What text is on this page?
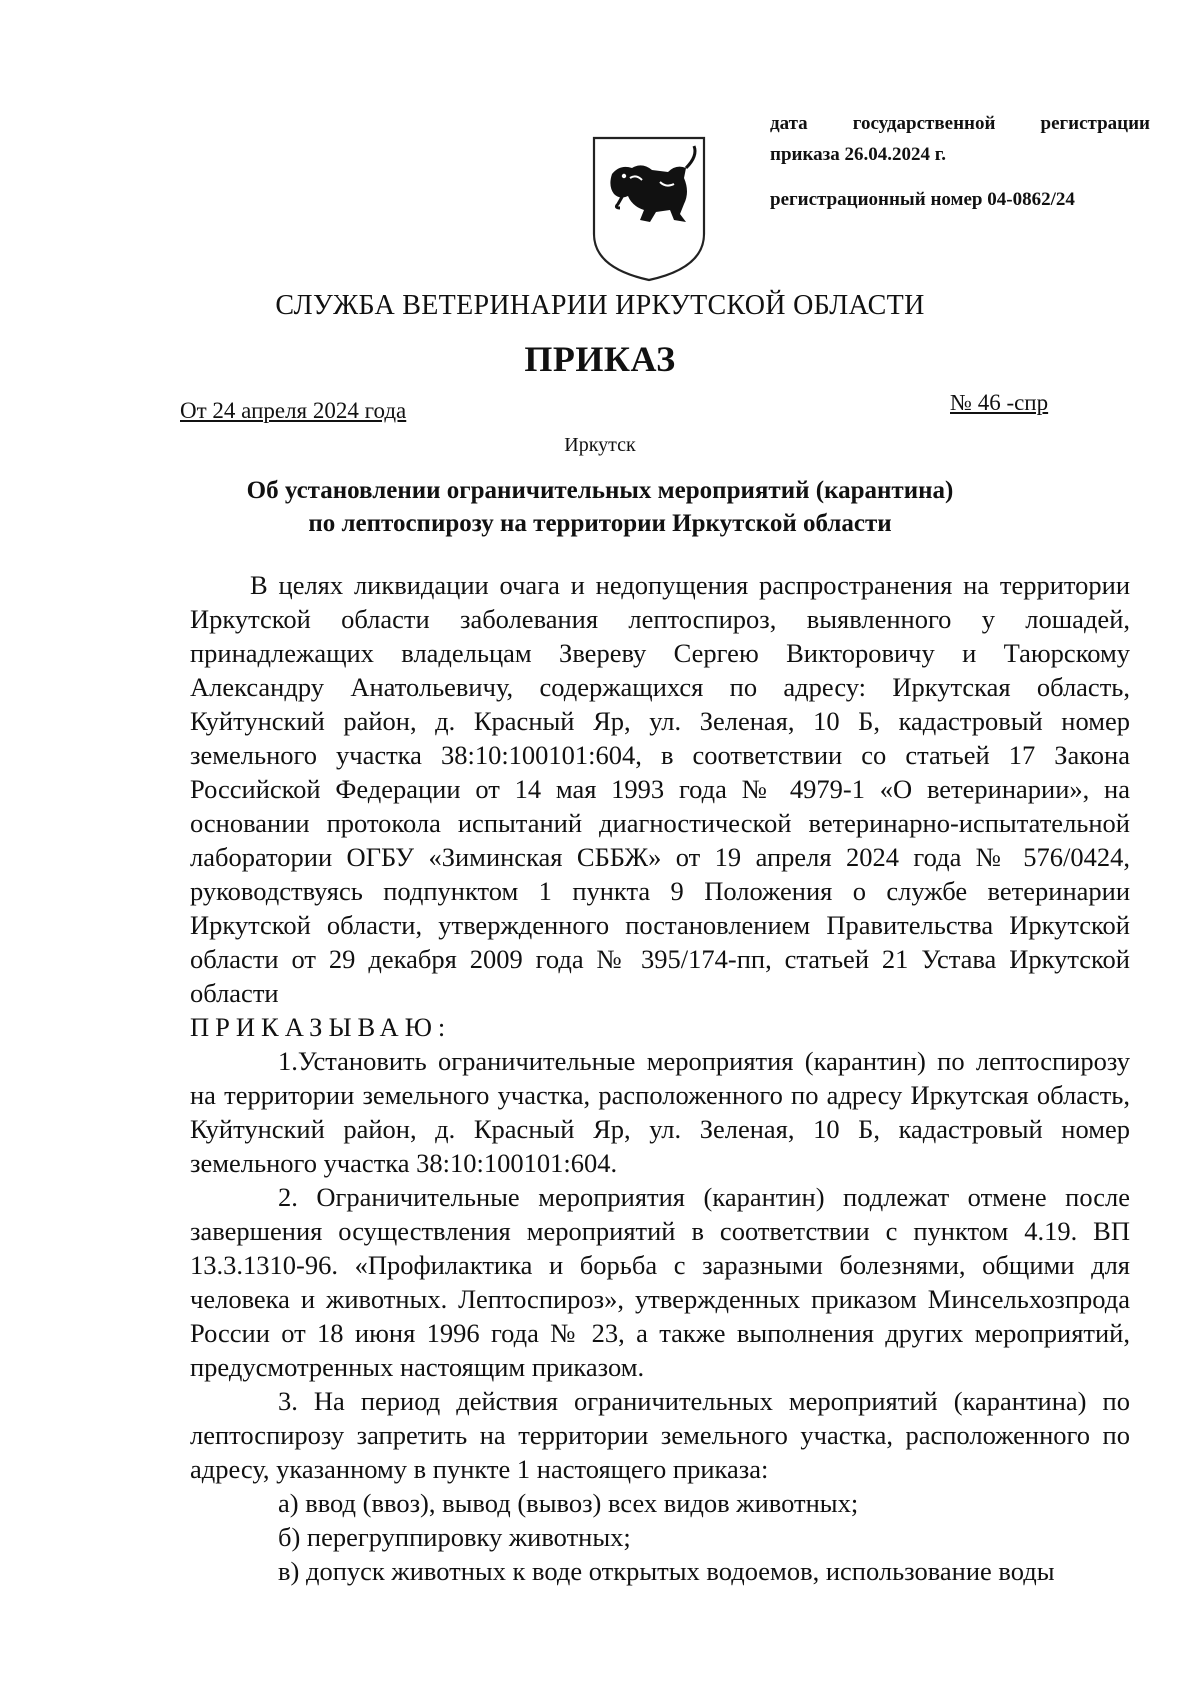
дата государственной регистрации
приказа 26.04.2024 г.
регистрационный номер 04-0862/24
СЛУЖБА ВЕТЕРИНАРИИ ИРКУТСКОЙ ОБЛАСТИ
ПРИКАЗ
От 24 апреля 2024 года	№ 46 -спр
Иркутск
Об установлении ограничительных мероприятий (карантина)
по лептоспирозу на территории Иркутской области

В целях ликвидации очага и недопущения распространения на территории Иркутской области заболевания лептоспироз, выявленного у лошадей, принадлежащих владельцам Звереву Сергею Викторовичу и Таюрскому Александру Анатольевичу, содержащихся по адресу: Иркутская область, Куйтунский район, д. Красный Яр, ул. Зеленая, 10 Б, кадастровый номер земельного участка 38:10:100101:604, в соответствии со статьей 17 Закона Российской Федерации от 14 мая 1993 года № 4979-1 «О ветеринарии», на основании протокола испытаний диагностической ветеринарно-испытательной лаборатории ОГБУ «Зиминская СББЖ» от 19 апреля 2024 года № 576/0424, руководствуясь подпунктом 1 пункта 9 Положения о службе ветеринарии Иркутской области, утвержденного постановлением Правительства Иркутской области от 29 декабря 2009 года № 395/174-пп, статьей 21 Устава Иркутской области

ПРИКАЗЫВАЮ:

1.Установить ограничительные мероприятия (карантин) по лептоспирозу на территории земельного участка, расположенного по адресу Иркутская область, Куйтунский район, д. Красный Яр, ул. Зеленая, 10 Б, кадастровый номер земельного участка 38:10:100101:604.

2. Ограничительные мероприятия (карантин) подлежат отмене после завершения осуществления мероприятий в соответствии с пунктом 4.19. ВП 13.3.1310-96. «Профилактика и борьба с заразными болезнями, общими для человека и животных. Лептоспироз», утвержденных приказом Минсельхозпрода России от 18 июня 1996 года № 23, а также выполнения других мероприятий, предусмотренных настоящим приказом.

3. На период действия ограничительных мероприятий (карантина) по лептоспирозу запретить на территории земельного участка, расположенного по адресу, указанному в пункте 1 настоящего приказа:

а) ввод (ввоз), вывод (вывоз) всех видов животных;

б) перегруппировку животных;

в) допуск животных к воде открытых водоемов, использование воды
